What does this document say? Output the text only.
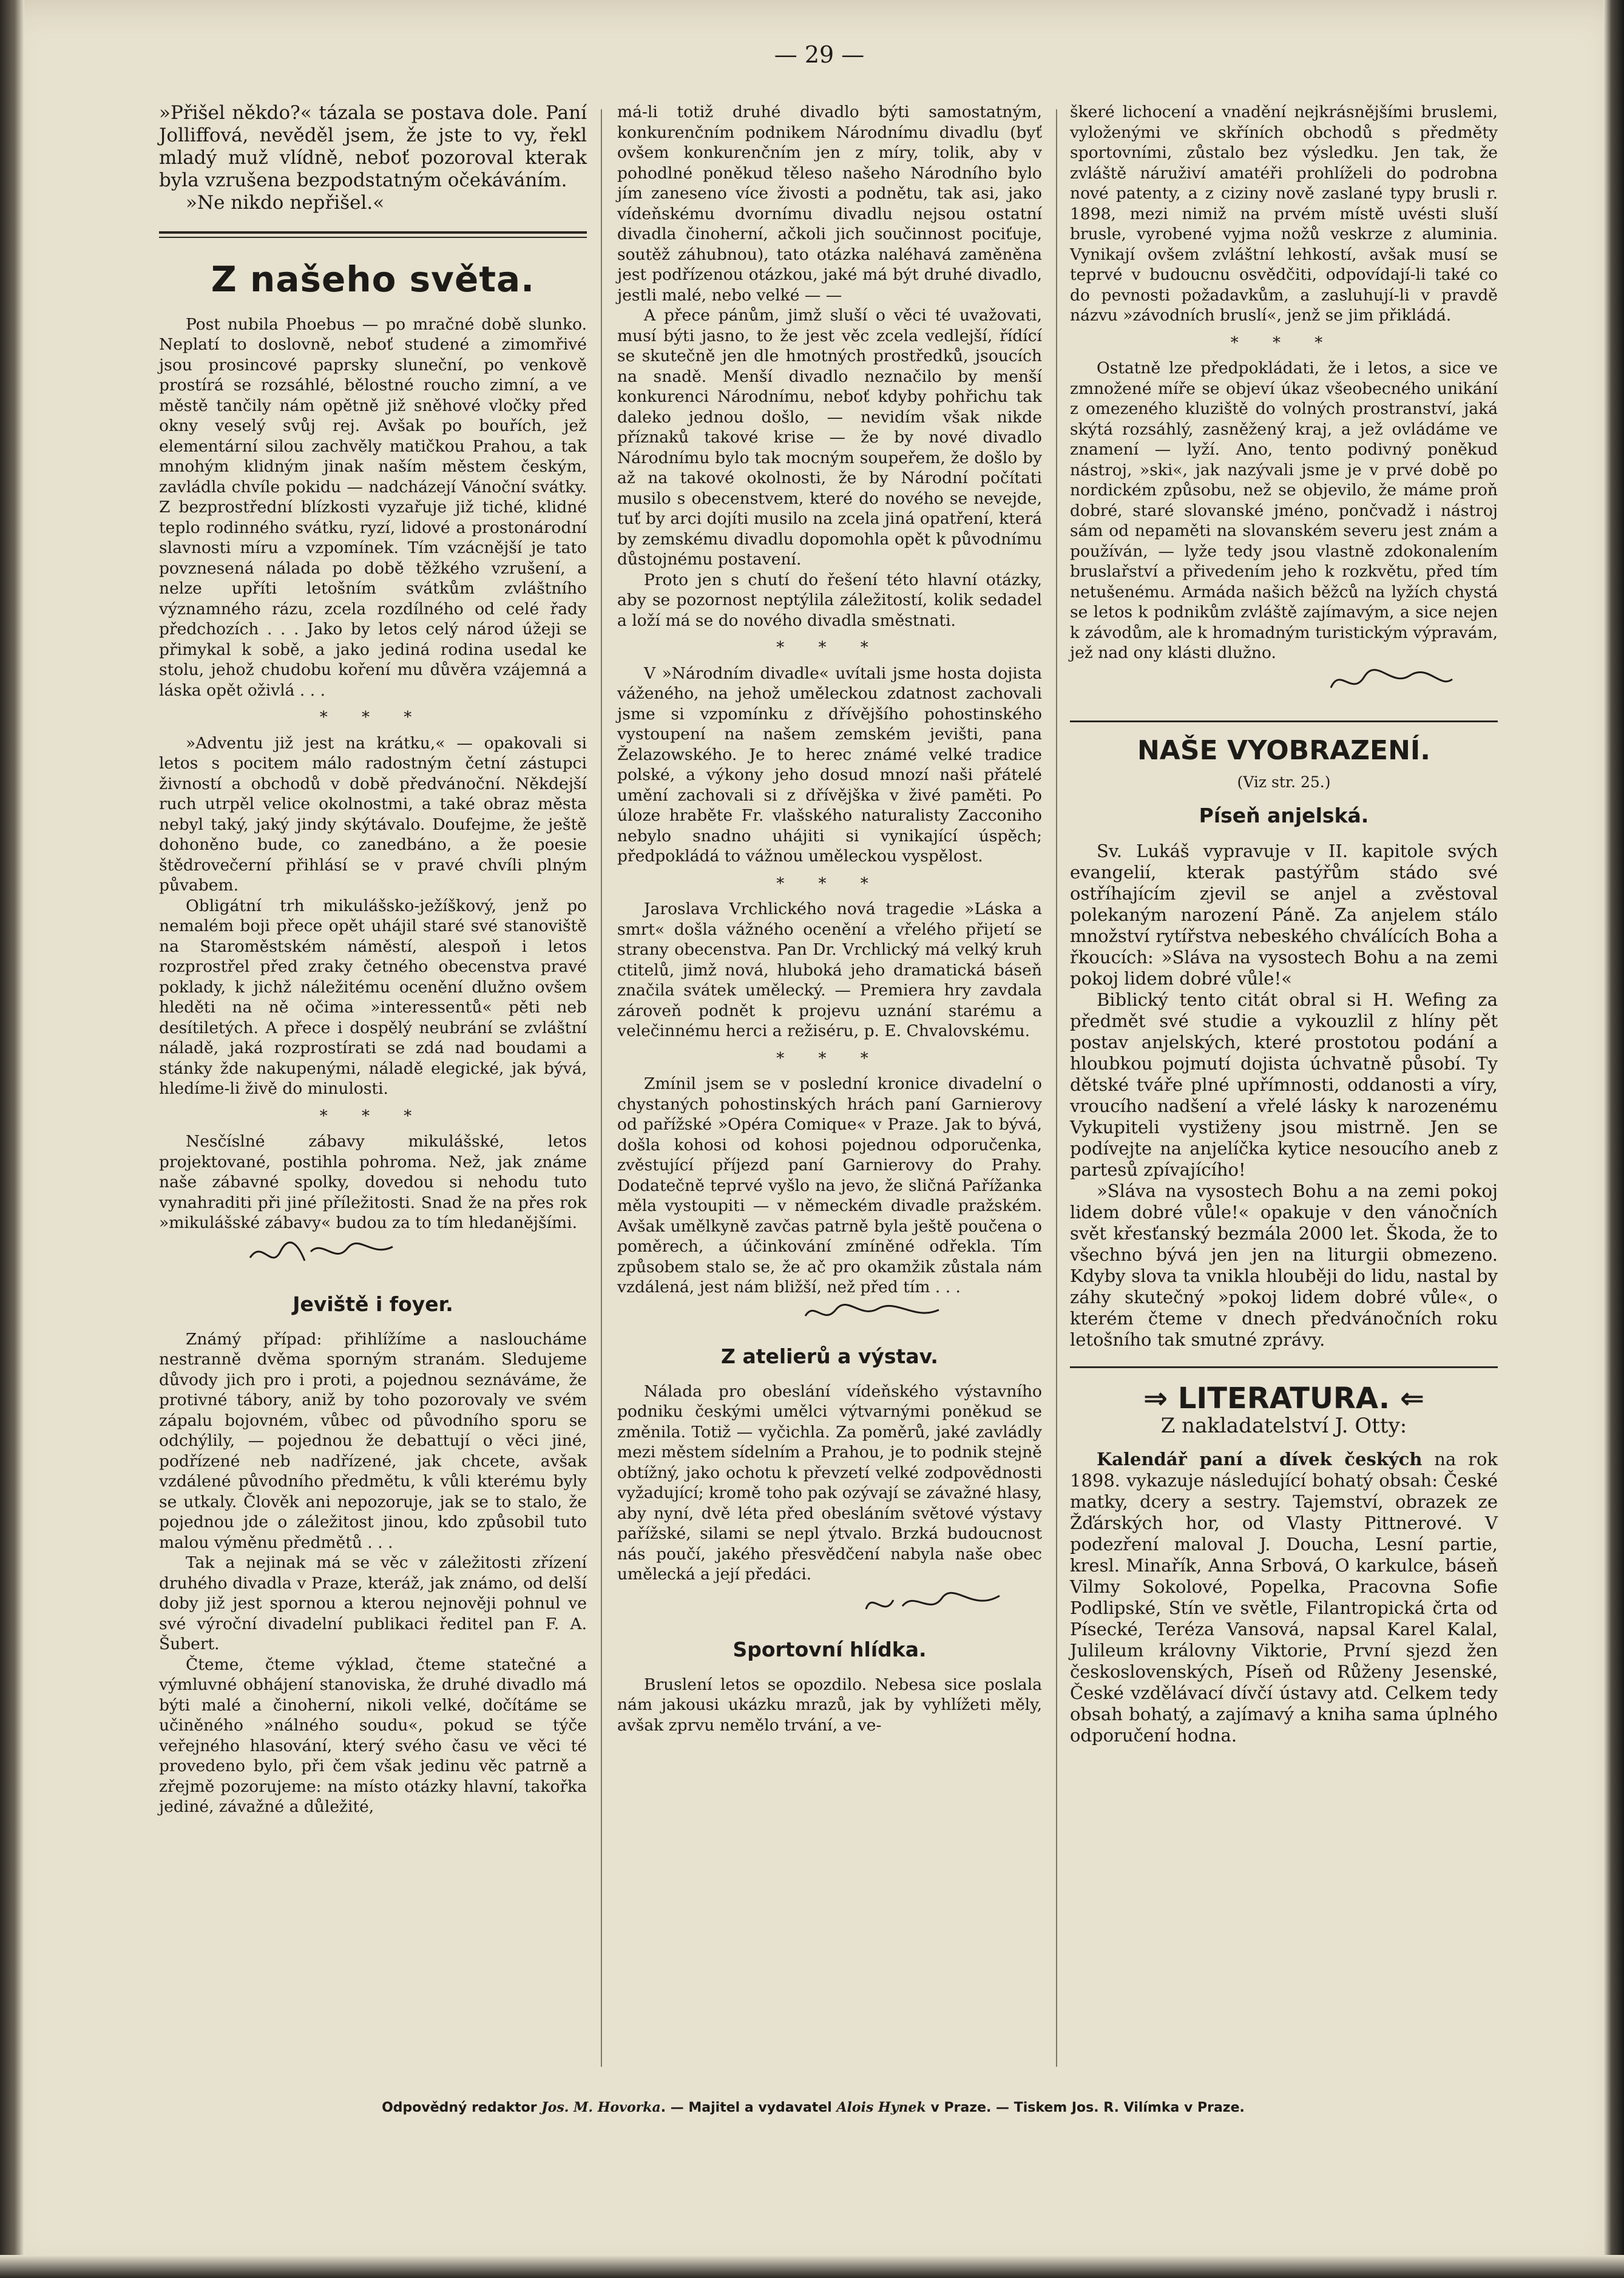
— 29 —

»Přišel někdo?« tázala se postava dole. Paní Jolliffová, nevěděl jsem, že jste to vy, řekl mladý muž vlídně, neboť pozoroval kterak byla vzrušena bezpodstatným očekáváním.

»Ne nikdo nepřišel.«

Z našeho světa.

Post nubila Phoebus — po mračné době slunko. Neplatí to doslovně, neboť studené a zimomřivé jsou prosincové paprsky sluneční, po venkově prostírá se rozsáhlé, bělostné roucho zimní, a ve městě tančily nám opětně již sněhové vločky před okny veselý svůj rej. Avšak po bouřích, jež elementární silou zachvěly matičkou Prahou, a tak mnohým klidným jinak naším městem českým, zavládla chvíle pokidu — nadcházejí Vánoční svátky. Z bezprostřední blízkosti vyzařuje již tiché, klidné teplo rodinného svátku, ryzí, lidové a prostonárodní slavnosti míru a vzpomínek. Tím vzácnější je tato povznesená nálada po době těžkého vzrušení, a nelze upříti letošním svátkům zvláštního významného rázu, zcela rozdílného od celé řady předchozích . . . Jako by letos celý národ úžeji se přimykal k sobě, a jako jediná rodina usedal ke stolu, jehož chudobu koření mu důvěra vzájemná a láska opět oživlá . . .

* * *

»Adventu již jest na krátku,« — opakovali si letos s pocitem málo radostným četní zástupci živností a obchodů v době předvánoční. Někdejší ruch utrpěl velice okolnostmi, a také obraz města nebyl taký, jaký jindy skýtávalo. Doufejme, že ještě dohoněno bude, co zanedbáno, a že poesie štědrovečerní přihlásí se v pravé chvíli plným půvabem.

Obligátní trh mikulášsko-ježíškový, jenž po nemalém boji přece opět uhájil staré své stanoviště na Staroměstském náměstí, alespoň i letos rozprostřel před zraky četného obecenstva pravé poklady, k jichž náležitému ocenění dlužno ovšem hleděti na ně očima »interessentů« pěti neb desítiletých. A přece i dospělý neubrání se zvláštní náladě, jaká rozprostírati se zdá nad boudami a stánky žde nakupenými, náladě elegické, jak bývá, hledíme-li živě do minulosti.

* * *

Nesčíslné zábavy mikulášské, letos projektované, postihla pohroma. Než, jak známe naše zábavné spolky, dovedou si nehodu tuto vynahraditi při jiné příležitosti. Snad že na přes rok »mikulášské zábavy« budou za to tím hledanějšími.

Jeviště i foyer.

Známý případ: přihlížíme a nasloucháme nestranně dvěma sporným stranám. Sledujeme důvody jich pro i proti, a pojednou seznáváme, že protivné tábory, aniž by toho pozorovaly ve svém zápalu bojovném, vůbec od původního sporu se odchýlily, — pojednou že debattují o věci jiné, podřízené neb nadřízené, jak chcete, avšak vzdálené původního předmětu, k vůli kterému byly se utkaly. Člověk ani nepozoruje, jak se to stalo, že pojednou jde o záležitost jinou, kdo způsobil tuto malou výměnu předmětů . . .

Tak a nejinak má se věc v záležitosti zřízení druhého divadla v Praze, kteráž, jak známo, od delší doby již jest spornou a kterou nejnověji pohnul ve své výroční divadelní publikaci ředitel pan F. A. Šubert.

Čteme, čteme výklad, čteme statečné a výmluvné obhájení stanoviska, že druhé divadlo má býti malé a činoherní, nikoli velké, dočítáme se učiněného »nálného soudu«, pokud se týče veřejného hlasování, který svého času ve věci té provedeno bylo, při čem však jedinu věc patrně a zřejmě pozorujeme: na místo otázky hlavní, takořka jediné, závažné a důležité,

má-li totiž druhé divadlo býti samostatným, konkurenčním podnikem Národnímu divadlu (byť ovšem konkurenčním jen z míry, tolik, aby v pohodlné poněkud těleso našeho Národního bylo jím zaneseno více živosti a podnětu, tak asi, jako vídeňskému dvornímu divadlu nejsou ostatní divadla činoherní, ačkoli jich součinnost pociťuje, soutěž záhubnou), tato otázka naléhavá zaměněna jest podřízenou otázkou, jaké má být druhé divadlo, jestli malé, nebo velké — —

A přece pánům, jimž sluší o věci té uvažovati, musí býti jasno, to že jest věc zcela vedlejší, řídící se skutečně jen dle hmotných prostředků, jsoucích na snadě. Menší divadlo neznačilo by menší konkurenci Národnímu, neboť kdyby pohřichu tak daleko jednou došlo, — nevidím však nikde příznaků takové krise — že by nové divadlo Národnímu bylo tak mocným soupeřem, že došlo by až na takové okolnosti, že by Národní počítati musilo s obecenstvem, které do nového se nevejde, tuť by arci dojíti musilo na zcela jiná opatření, která by zemskému divadlu dopomohla opět k původnímu důstojnému postavení.

Proto jen s chutí do řešení této hlavní otázky, aby se pozornost neptýlila záležitostí, kolik sedadel a loží má se do nového divadla směstnati.

* * *

V »Národním divadle« uvítali jsme hosta dojista váženého, na jehož uměleckou zdatnost zachovali jsme si vzpomínku z dřívějšího pohostinského vystoupení na našem zemském jevišti, pana Želazowského. Je to herec známé velké tradice polské, a výkony jeho dosud mnozí naši přátelé umění zachovali si z dřívějška v živé paměti. Po úloze hraběte Fr. vlašského naturalisty Zacconiho nebylo snadno uhájiti si vynikající úspěch; předpokládá to vážnou uměleckou vyspělost.

* * *

Jaroslava Vrchlického nová tragedie »Láska a smrt« došla vážného ocenění a vřelého přijetí se strany obecenstva. Pan Dr. Vrchlický má velký kruh ctitelů, jimž nová, hluboká jeho dramatická báseň značila svátek umělecký. — Premiera hry zavdala zároveň podnět k projevu uznání starému a velečinnému herci a režiséru, p. E. Chvalovskému.

* * *

Zmínil jsem se v poslední kronice divadelní o chystaných pohostinských hrách paní Garnierovy od pařížské »Opéra Comique« v Praze. Jak to bývá, došla kohosi od kohosi pojednou odporučenka, zvěstující příjezd paní Garnierovy do Prahy. Dodatečně teprvé vyšlo na jevo, že sličná Pařížanka měla vystoupiti — v německém divadle pražském. Avšak umělkyně zavčas patrně byla ještě poučena o poměrech, a účinkování zmíněné odřekla. Tím způsobem stalo se, že ač pro okamžik zůstala nám vzdálená, jest nám bližší, než před tím . . .

Z atelierů a výstav.

Nálada pro obeslání vídeňského výstavního podniku českými umělci výtvarnými poněkud se změnila. Totiž — vyčichla. Za poměrů, jaké zavládly mezi městem sídelním a Prahou, je to podnik stejně obtížný, jako ochotu k převzetí velké zodpovědnosti vyžadující; kromě toho pak ozývají se závažné hlasy, aby nyní, dvě léta před obesláním světové výstavy pařížské, silami se nepl ýtvalo. Brzká budoucnost nás poučí, jakého přesvědčení nabyla naše obec umělecká a její předáci.

Sportovní hlídka.

Bruslení letos se opozdilo. Nebesa sice poslala nám jakousi ukázku mrazů, jak by vyhlížeti měly, avšak zprvu nemělo trvání, a ve-

škeré lichocení a vnadění nejkrásnějšími bruslemi, vyloženými ve skříních obchodů s předměty sportovními, zůstalo bez výsledku. Jen tak, že zvláště náruživí amatéři prohlíželi do podrobna nové patenty, a z ciziny nově zaslané typy brusli r. 1898, mezi nimiž na prvém místě uvésti sluší brusle, vyrobené vyjma nožů veskrze z aluminia. Vynikají ovšem zvláštní lehkostí, avšak musí se teprvé v budoucnu osvědčiti, odpovídají-li také co do pevnosti požadavkům, a zasluhují-li v pravdě názvu »závodních bruslí«, jenž se jim přikládá.

* * *

Ostatně lze předpokládati, že i letos, a sice ve zmnožené míře se objeví úkaz všeobecného unikání z omezeného kluziště do volných prostranství, jaká skýtá rozsáhlý, zasněžený kraj, a jež ovládáme ve znamení — lyží. Ano, tento podivný poněkud nástroj, »ski«, jak nazývali jsme je v prvé době po nordickém způsobu, než se objevilo, že máme proň dobré, staré slovanské jméno, pončvadž i nástroj sám od nepaměti na slovanském severu jest znám a používán, — lyže tedy jsou vlastně zdokonalením bruslařství a přivedením jeho k rozkvětu, před tím netušenému. Armáda našich běžců na lyžích chystá se letos k podnikům zvláště zajímavým, a sice nejen k závodům, ale k hromadným turistickým výpravám, jež nad ony klásti dlužno.

NAŠE VYOBRAZENÍ.
(Viz str. 25.)
Píseň anjelská.

Sv. Lukáš vypravuje v II. kapitole svých evangelií, kterak pastýřům stádo své ostříhajícím zjevil se anjel a zvěstoval polekaným narození Páně. Za anjelem stálo množství rytířstva nebeského chválících Boha a řkoucích: »Sláva na vysostech Bohu a na zemi pokoj lidem dobré vůle!«

Biblický tento citát obral si H. Wefing za předmět své studie a vykouzlil z hlíny pět postav anjelských, které prostotou podání a hloubkou pojmutí dojista úchvatně působí. Ty dětské tváře plné upřímnosti, oddanosti a víry, vroucího nadšení a vřelé lásky k narozenému Vykupiteli vystiženy jsou mistrně. Jen se podívejte na anjelíčka kytice nesoucího aneb z partesů zpívajícího!

»Sláva na vysostech Bohu a na zemi pokoj lidem dobré vůle!« opakuje v den vánočních svět křesťanský bezmála 2000 let. Škoda, že to všechno bývá jen jen na liturgii obmezeno. Kdyby slova ta vnikla hlouběji do lidu, nastal by záhy skutečný »pokoj lidem dobré vůle«, o kterém čteme v dnech předvánočních roku letošního tak smutné zprávy.

⇒ LITERATURA. ⇐
Z nakladatelství J. Otty:

Kalendář paní a dívek českých na rok 1898. vykazuje následující bohatý obsah: České matky, dcery a sestry. Tajemství, obrazek ze Žďárských hor, od Vlasty Pittnerové. V podezření maloval J. Doucha, Lesní partie, kresl. Minařík, Anna Srbová, O karkulce, báseň Vilmy Sokolové, Popelka, Pracovna Sofie Podlipské, Stín ve světle, Filantropická črta od Písecké, Teréza Vansová, napsal Karel Kalal, Julileum královny Viktorie, První sjezd žen československých, Píseň od Růženy Jesenské, České vzdělávací dívčí ústavy atd. Celkem tedy obsah bohatý, a zajímavý a kniha sama úplného odporučení hodna.

Odpovědný redaktor Jos. M. Hovorka. — Majitel a vydavatel Alois Hynek v Praze. — Tiskem Jos. R. Vilímka v Praze.
